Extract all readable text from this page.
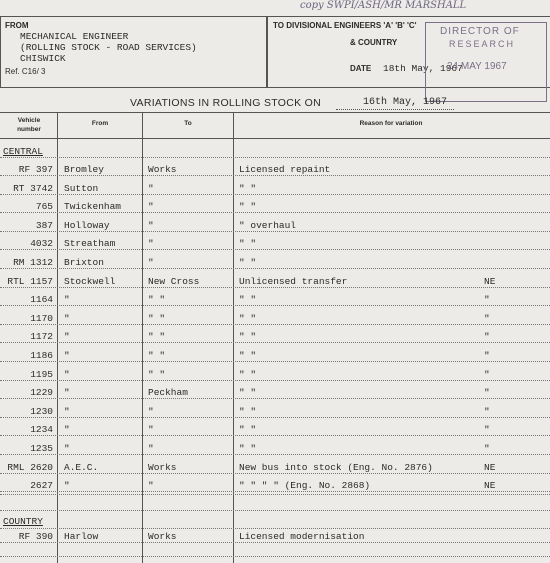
FROM
MECHANICAL ENGINEER
(ROLLING STOCK - ROAD SERVICES)
CHISWICK
Ref. C16/ 3
TO DIVISIONAL ENGINEERS 'A' 'B' 'C'
& COUNTRY
DATE 18th May, 1967
copy SWPI/ASH/MR MARSHALL
DIRECTOR OF
RESEARCH
24 MAY 1967
VARIATIONS IN ROLLING STOCK ON	16th May, 1967
Vehicle number
From	To	Reason for variation
CENTRAL
RF 397 Bromley	Works	Licensed repaint
RT 3742 Sutton	"	" "
765 Twickenham	"	" "
387 Holloway	"	" overhaul
4032 Streatham	"	" "
RM 1312 Brixton	"	" "
RTL 1157 Stockwell	New Cross	Unlicensed transfer	NE
1164 "	" "	" "	"
1170 "	" "	" "	"
1172 "	" "	" "	"
1186 "	" "	" "	"
1195 "	" "	" "	"
1229 "	Peckham	" "	"
1230 "	"	" "	"
1234 "	"	" "	"
1235 "	"	" "	"
RML 2620 A.E.C.	Works	New bus into stock (Eng. No. 2876)	NE
2627 "	"	" " " " (Eng. No. 2868)	NE
COUNTRY
RF 390 Harlow	Works	Licensed modernisation
